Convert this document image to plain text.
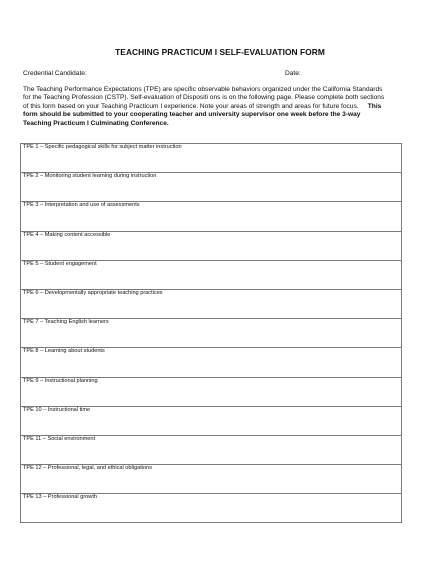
TEACHING PRACTICUM I SELF-EVALUATION FORM
Credential Candidate:	Date:
The Teaching Performance Expectations (TPE) are specific observable behaviors organized under the California Standards for the Teaching Profession (CSTP). Self-evaluation of Dispositi ons is on the following page. Please complete both sections of this form based on your Teaching Practicum I experience. Note your areas of strength and areas for future focus. This form should be submitted to your cooperating teacher and university supervisor one week before the 3-way Teaching Practicum I Culminating Conference.
TPE 1 – Specific pedagogical skills for subject matter instruction
TPE 2 – Monitoring student learning during instruction
TPE 3 – Interpretation and use of assessments
TPE 4 – Making content accessible
TPE 5 – Student engagement
TPE 6 – Developmentally appropriate teaching practices
TPE 7 – Teaching English learners
TPE 8 – Learning about students
TPE 9 – Instructional planning
TPE 10 – Instructional time
TPE 11 – Social environment
TPE 12 – Professional, legal, and ethical obligations
TPE 13 – Professional growth
